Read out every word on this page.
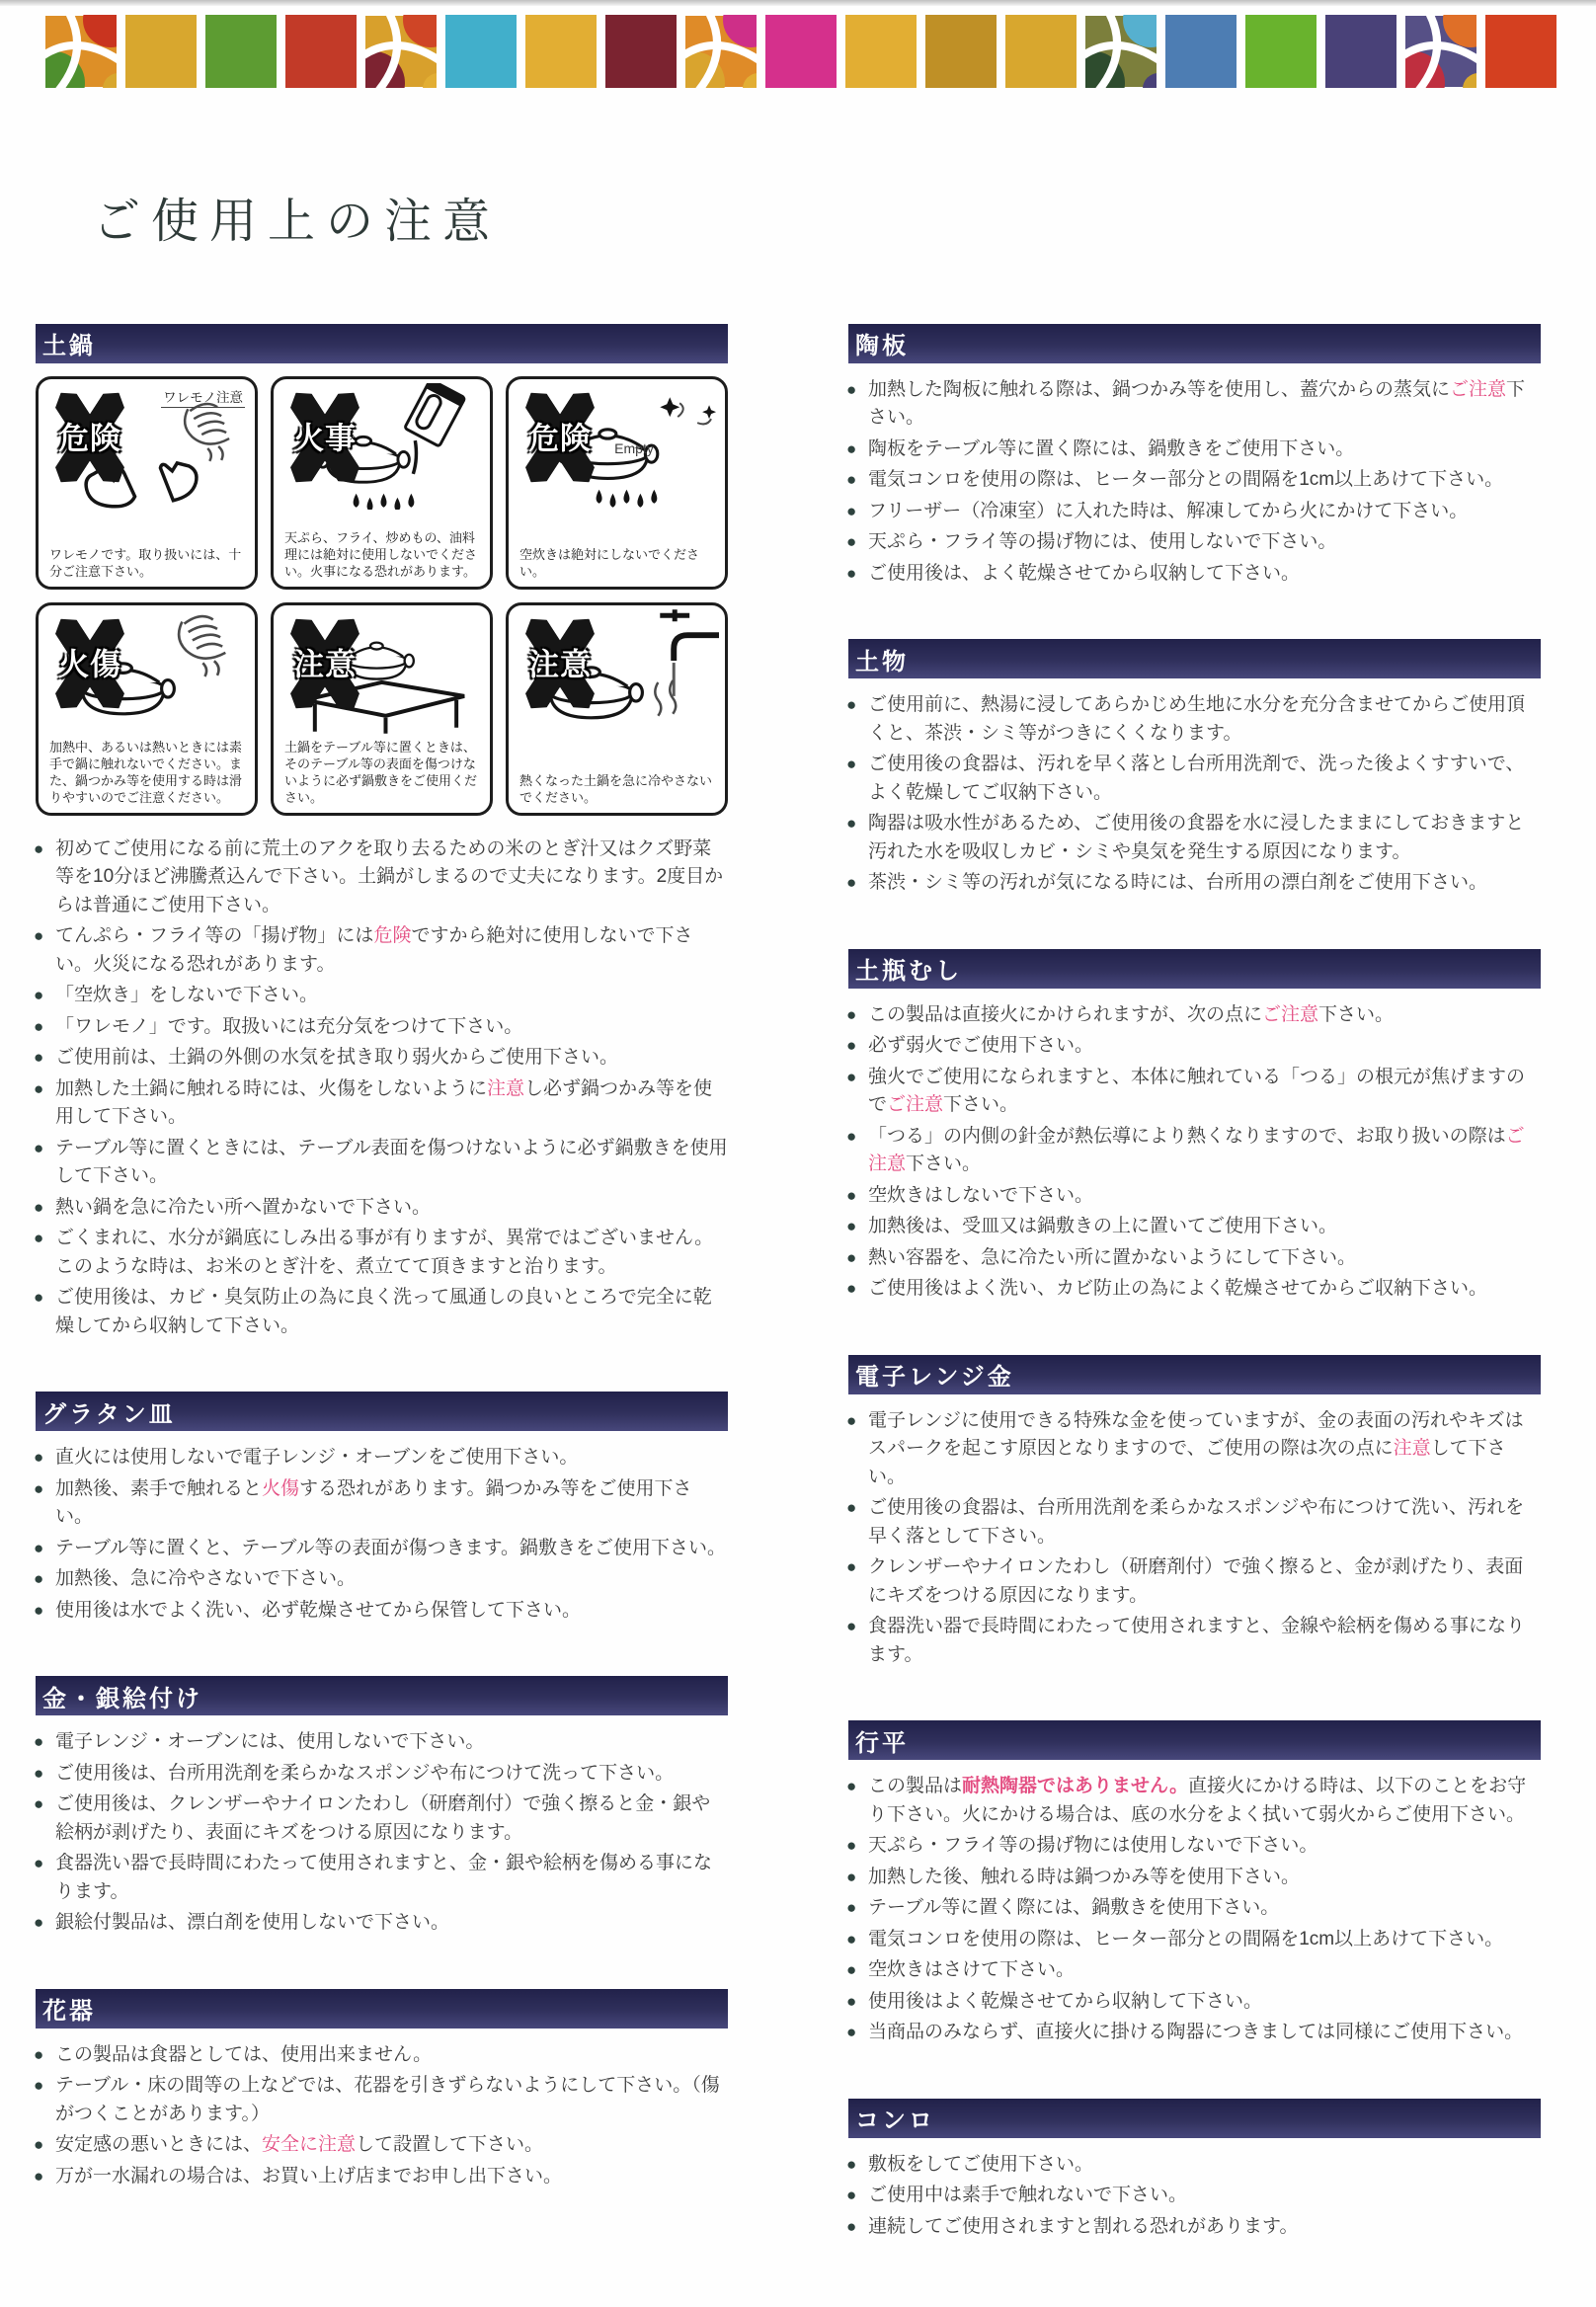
ご使用上の注意
土鍋
危険
ワレモノ注意

ワレモノです。取り扱いには、十分ご注意下さい。

火事

天ぷら、フライ、炒めもの、油料理には絶対に使用しないでください。火事になる恐れがあります。

危険	Empty

空炊きは絶対にしないでください。

火傷

加熱中、あるいは熱いときには素手で鍋に触れないでください。また、鍋つかみ等を使用する時は滑りやすいのでご注意ください。

注意

土鍋をテーブル等に置くときは、そのテーブル等の表面を傷つけないように必ず鍋敷きをご使用ください。

注意

熱くなった土鍋を急に冷やさないでください。

● 初めてご使用になる前に荒土のアクを取り去るための米のとぎ汁又はクズ野菜等を10分ほど沸騰煮込んで下さい。土鍋がしまるので丈夫になります。2度目からは普通にご使用下さい。
● てんぷら・フライ等の「揚げ物」には危険ですから絶対に使用しないで下さい。火災になる恐れがあります。
● 「空炊き」をしないで下さい。
● 「ワレモノ」です。取扱いには充分気をつけて下さい。
● ご使用前は、土鍋の外側の水気を拭き取り弱火からご使用下さい。
● 加熱した土鍋に触れる時には、火傷をしないように注意し必ず鍋つかみ等を使用して下さい。
● テーブル等に置くときには、テーブル表面を傷つけないように必ず鍋敷きを使用して下さい。
● 熱い鍋を急に冷たい所へ置かないで下さい。
● ごくまれに、水分が鍋底にしみ出る事が有りますが、異常ではございません。このような時は、お米のとぎ汁を、煮立てて頂きますと治ります。
● ご使用後は、カビ・臭気防止の為に良く洗って風通しの良いところで完全に乾燥してから収納して下さい。
グラタン皿
● 直火には使用しないで電子レンジ・オーブンをご使用下さい。
● 加熱後、素手で触れると火傷する恐れがあります。鍋つかみ等をご使用下さい。
● テーブル等に置くと、テーブル等の表面が傷つきます。鍋敷きをご使用下さい。
● 加熱後、急に冷やさないで下さい。
● 使用後は水でよく洗い、必ず乾燥させてから保管して下さい。
金・銀絵付け
● 電子レンジ・オーブンには、使用しないで下さい。
● ご使用後は、台所用洗剤を柔らかなスポンジや布につけて洗って下さい。
● ご使用後は、クレンザーやナイロンたわし（研磨剤付）で強く擦ると金・銀や絵柄が剥げたり、表面にキズをつける原因になります。
● 食器洗い器で長時間にわたって使用されますと、金・銀や絵柄を傷める事になります。
● 銀絵付製品は、漂白剤を使用しないで下さい。
花器
● この製品は食器としては、使用出来ません。
● テーブル・床の間等の上などでは、花器を引きずらないようにして下さい。（傷がつくことがあります。）
● 安定感の悪いときには、安全に注意して設置して下さい。
● 万が一水漏れの場合は、お買い上げ店までお申し出下さい。
陶板
● 加熱した陶板に触れる際は、鍋つかみ等を使用し、蓋穴からの蒸気にご注意下さい。
● 陶板をテーブル等に置く際には、鍋敷きをご使用下さい。
● 電気コンロを使用の際は、ヒーター部分との間隔を1cm以上あけて下さい。
● フリーザー（冷凍室）に入れた時は、解凍してから火にかけて下さい。
● 天ぷら・フライ等の揚げ物には、使用しないで下さい。
● ご使用後は、よく乾燥させてから収納して下さい。
土物
● ご使用前に、熱湯に浸してあらかじめ生地に水分を充分含ませてからご使用頂くと、茶渋・シミ等がつきにくくなります。
● ご使用後の食器は、汚れを早く落とし台所用洗剤で、洗った後よくすすいで、よく乾燥してご収納下さい。
● 陶器は吸水性があるため、ご使用後の食器を水に浸したままにしておきますと汚れた水を吸収しカビ・シミや臭気を発生する原因になります。
● 茶渋・シミ等の汚れが気になる時には、台所用の漂白剤をご使用下さい。
土瓶むし
● この製品は直接火にかけられますが、次の点にご注意下さい。
● 必ず弱火でご使用下さい。
● 強火でご使用になられますと、本体に触れている「つる」の根元が焦げますのでご注意下さい。
● 「つる」の内側の針金が熱伝導により熱くなりますので、お取り扱いの際はご注意下さい。
● 空炊きはしないで下さい。
● 加熱後は、受皿又は鍋敷きの上に置いてご使用下さい。
● 熱い容器を、急に冷たい所に置かないようにして下さい。
● ご使用後はよく洗い、カビ防止の為によく乾燥させてからご収納下さい。
電子レンジ金
● 電子レンジに使用できる特殊な金を使っていますが、金の表面の汚れやキズはスパークを起こす原因となりますので、ご使用の際は次の点に注意して下さい。
● ご使用後の食器は、台所用洗剤を柔らかなスポンジや布につけて洗い、汚れを早く落として下さい。
● クレンザーやナイロンたわし（研磨剤付）で強く擦ると、金が剥げたり、表面にキズをつける原因になります。
● 食器洗い器で長時間にわたって使用されますと、金線や絵柄を傷める事になります。
行平
● この製品は耐熱陶器ではありません。直接火にかける時は、以下のことをお守り下さい。火にかける場合は、底の水分をよく拭いて弱火からご使用下さい。
● 天ぷら・フライ等の揚げ物には使用しないで下さい。
● 加熱した後、触れる時は鍋つかみ等を使用下さい。
● テーブル等に置く際には、鍋敷きを使用下さい。
● 電気コンロを使用の際は、ヒーター部分との間隔を1cm以上あけて下さい。
● 空炊きはさけて下さい。
● 使用後はよく乾燥させてから収納して下さい。
● 当商品のみならず、直接火に掛ける陶器につきましては同様にご使用下さい。
コンロ
● 敷板をしてご使用下さい。
● ご使用中は素手で触れないで下さい。
● 連続してご使用されますと割れる恐れがあります。
